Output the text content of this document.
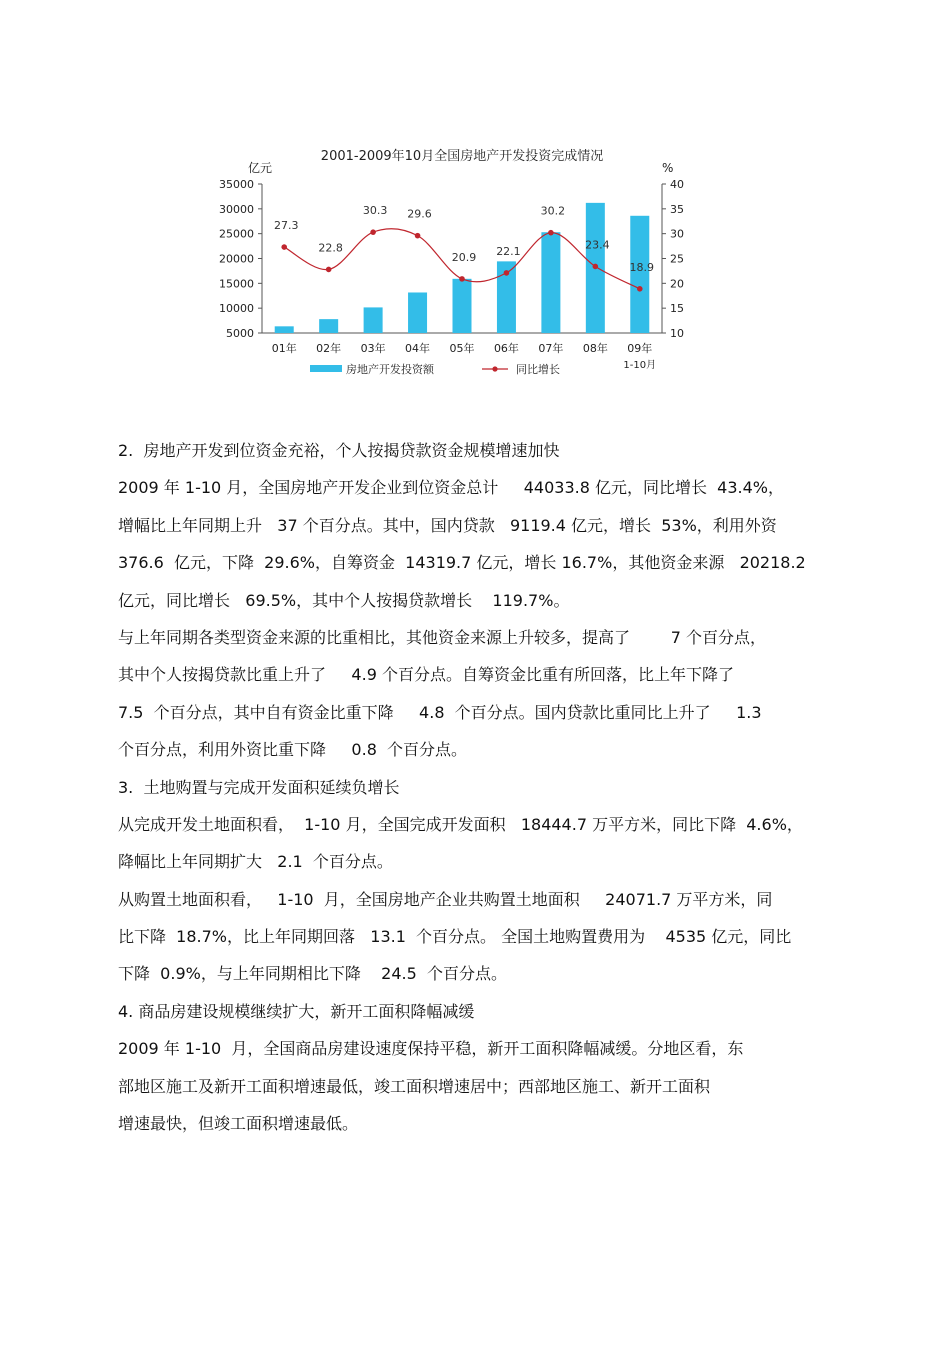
2001-2009年10月全国房地产开发投资完成情况
亿元	%
35000
30000
25000
20000
15000
10000
5000
40
35
30
25
20
15
10
27.3
22.8
30.3 29.6
20.9 22.1
30.2
23.4
18.9
01年 02年 03年 04年 05年 06年 07年 08年 09年
1-10月
房地产开发投资额	同比增长
2.  房地产开发到位资金充裕，个人按揭贷款资金规模增速加快
2009 年 1-10 月，全国房地产开发企业到位资金总计     44033.8 亿元，同比增长  43.4%，
增幅比上年同期上升   37 个百分点。其中，国内贷款   9119.4 亿元，增长  53%，利用外资
376.6  亿元，下降  29.6%，自筹资金  14319.7 亿元，增长 16.7%，其他资金来源   20218.2
亿元，同比增长   69.5%，其中个人按揭贷款增长    119.7%。
与上年同期各类型资金来源的比重相比，其他资金来源上升较多，提高了        7 个百分点，
其中个人按揭贷款比重上升了     4.9 个百分点。自筹资金比重有所回落，比上年下降了
7.5  个百分点，其中自有资金比重下降     4.8  个百分点。国内贷款比重同比上升了     1.3
个百分点，利用外资比重下降     0.8  个百分点。
3.  土地购置与完成开发面积延续负增长
从完成开发土地面积看，  1-10 月，全国完成开发面积   18444.7 万平方米，同比下降  4.6%，
降幅比上年同期扩大   2.1  个百分点。
从购置土地面积看，   1-10  月，全国房地产企业共购置土地面积     24071.7 万平方米，同
比下降  18.7%，比上年同期回落   13.1  个百分点。 全国土地购置费用为    4535 亿元，同比
下降  0.9%，与上年同期相比下降    24.5  个百分点。
4. 商品房建设规模继续扩大，新开工面积降幅减缓
2009 年 1-10  月，全国商品房建设速度保持平稳，新开工面积降幅减缓。分地区看，东
部地区施工及新开工面积增速最低，竣工面积增速居中；西部地区施工、新开工面积
增速最快，但竣工面积增速最低。
